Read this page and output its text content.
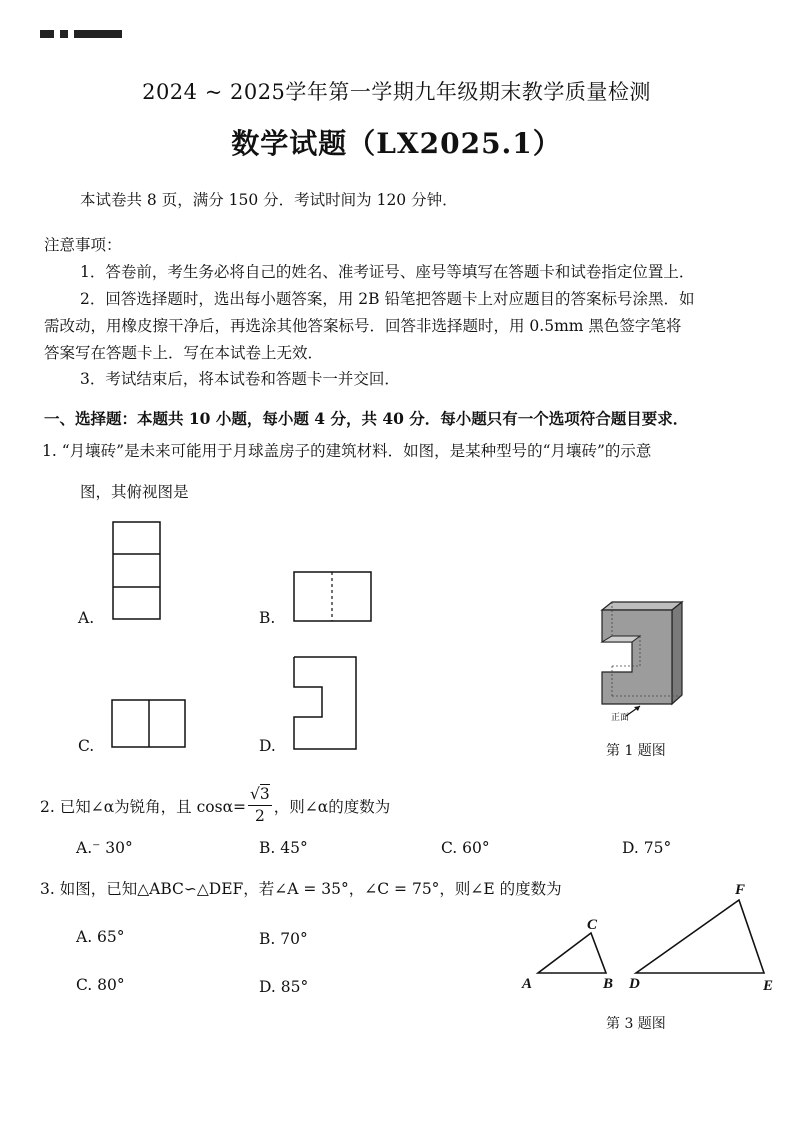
2024 ~ 2025学年第一学期九年级期末教学质量检测
数学试题（LX2025.1）
本试卷共 8 页，满分 150 分．考试时间为 120 分钟．
注意事项：
1．答卷前，考生务必将自己的姓名、准考证号、座号等填写在答题卡和试卷指定位置上．
2．回答选择题时，选出每小题答案，用 2B 铅笔把答题卡上对应题目的答案标号涂黑．如
需改动，用橡皮擦干净后，再选涂其他答案标号．回答非选择题时，用 0.5mm 黑色签字笔将
答案写在答题卡上．写在本试卷上无效．
3．考试结束后，将本试卷和答题卡一并交回．
一、选择题：本题共 10 小题，每小题 4 分，共 40 分．每小题只有一个选项符合题目要求．
1. “月壤砖”是未来可能用于月球盖房子的建筑材料．如图，是某种型号的“月壤砖”的示意
图，其俯视图是
A.	B.
C.	D.
正面
第 1 题图
2. 已知∠α为锐角，且 $\cos\alpha= \frac{√3}{2}$ ，则∠α的度数为
A.⁻ 30°	B. 45°	C. 60°	D. 75°
3. 如图，已知△ABC∽△DEF，若∠A = 35°，∠C = 75°，则∠E 的度数为
A. 65°	B. 70°
C. 80°	D. 85°	A	B
C
D	E
F
第 3 题图
